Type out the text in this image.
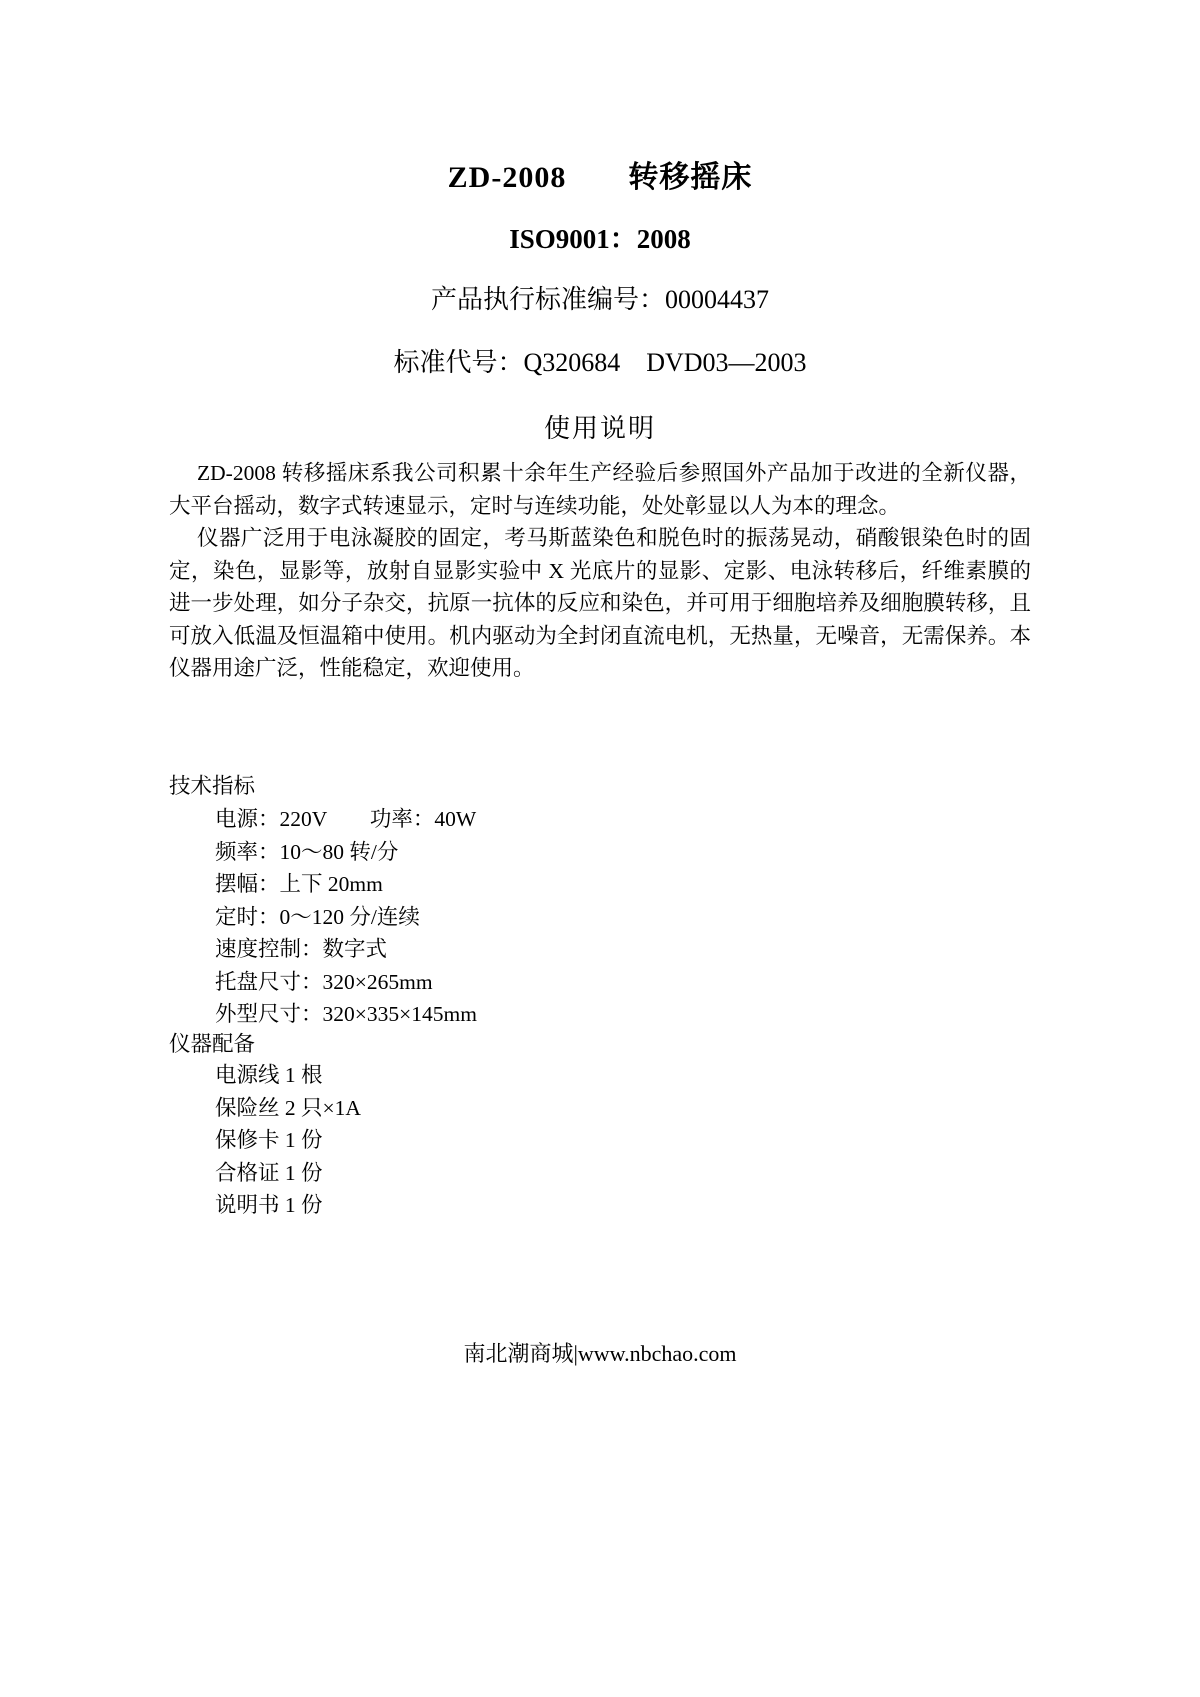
ZD-2008　　转移摇床
ISO9001：2008
产品执行标准编号：00004437
标准代号：Q320684　DVD03—2003
使用说明

ZD-2008 转移摇床系我公司积累十余年生产经验后参照国外产品加于改进的全新仪器，大平台摇动，数字式转速显示，定时与连续功能，处处彰显以人为本的理念。

仪器广泛用于电泳凝胶的固定，考马斯蓝染色和脱色时的振荡晃动，硝酸银染色时的固定，染色，显影等，放射自显影实验中 X 光底片的显影、定影、电泳转移后，纤维素膜的进一步处理，如分子杂交，抗原一抗体的反应和染色，并可用于细胞培养及细胞膜转移，且可放入低温及恒温箱中使用。机内驱动为全封闭直流电机，无热量，无噪音，无需保养。本仪器用途广泛，性能稳定，欢迎使用。

技术指标
电源：220V　　功率：40W
频率：10～80 转/分
摆幅：上下 20mm
定时：0～120 分/连续
速度控制：数字式
托盘尺寸：320×265mm
外型尺寸：320×335×145mm
仪器配备
电源线 1 根
保险丝 2 只×1A
保修卡 1 份
合格证 1 份
说明书 1 份
南北潮商城|www.nbchao.com
